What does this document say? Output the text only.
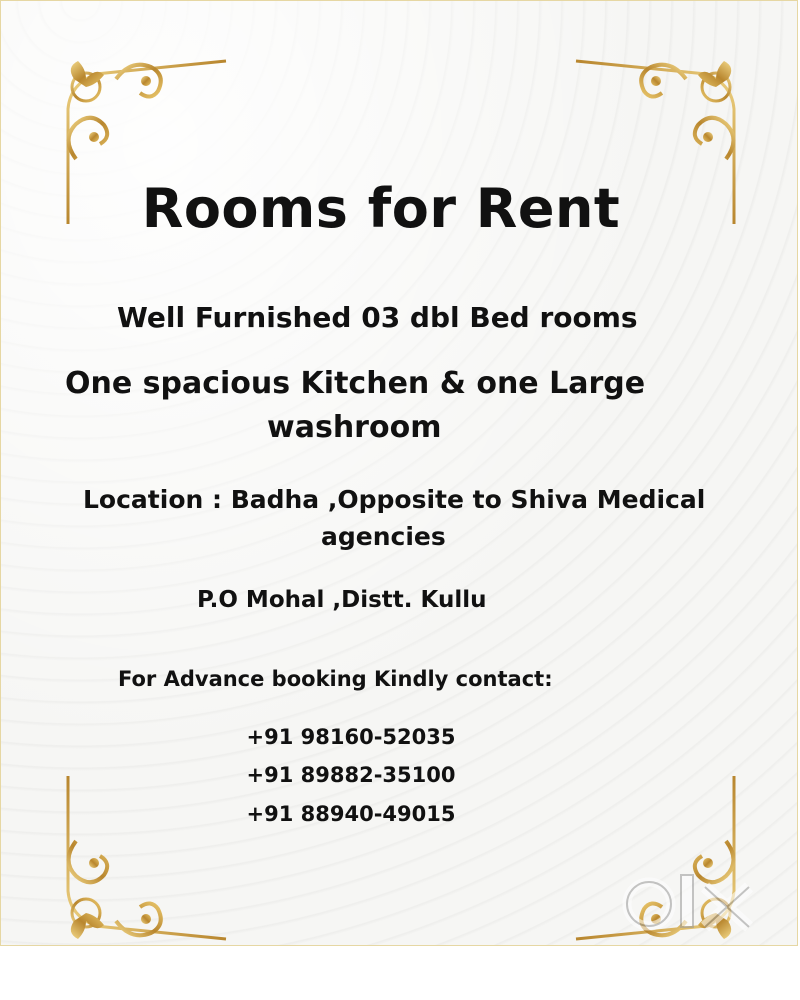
Rooms for Rent
Well Furnished 03 dbl Bed rooms
One spacious Kitchen & one Large
washroom
Location : Badha ,Opposite to Shiva Medical
agencies
P.O Mohal ,Distt. Kullu
For Advance booking Kindly contact:
+91 98160-52035
+91 89882-35100
+91 88940-49015
